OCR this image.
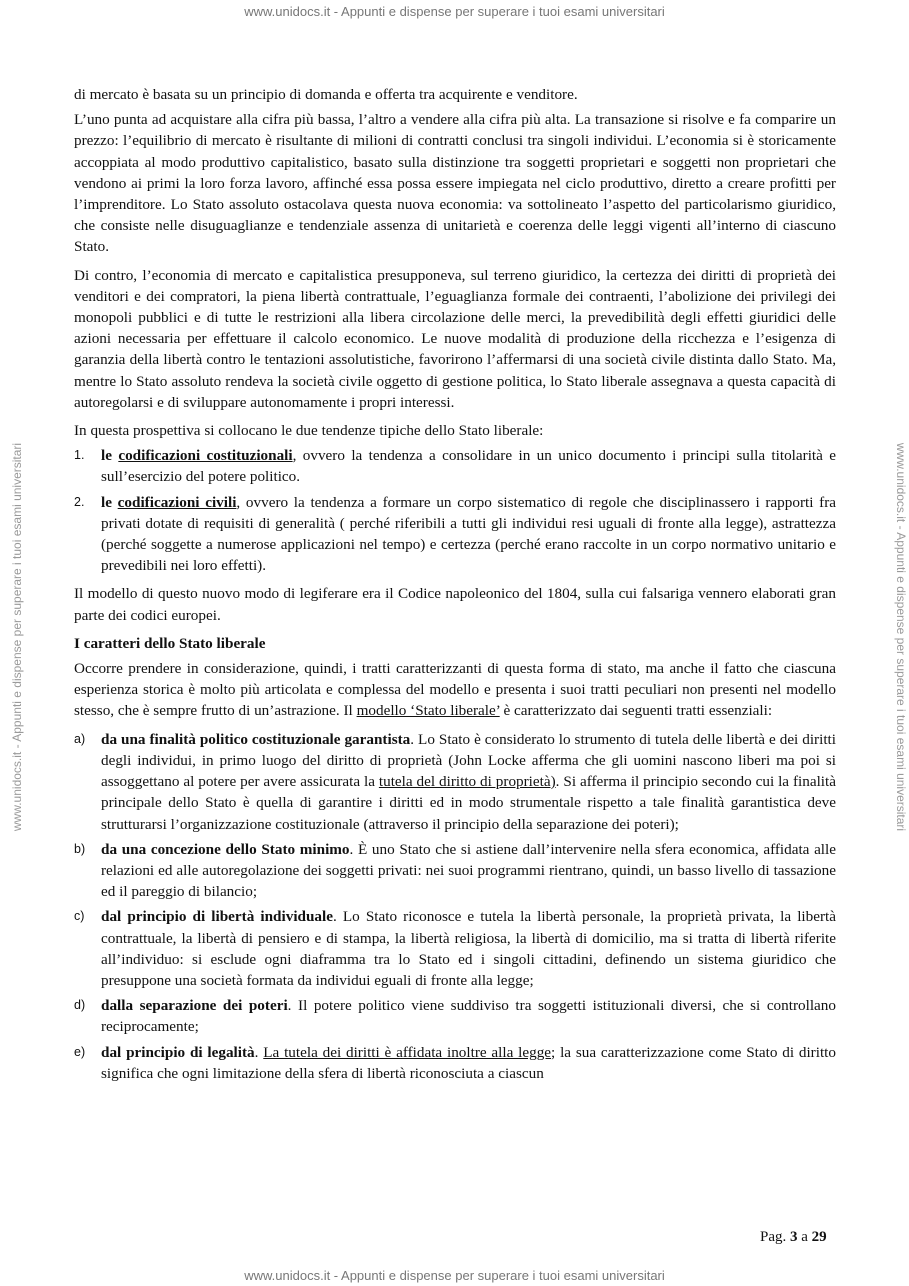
www.unidocs.it - Appunti e dispense per superare i tuoi esami universitari
www.unidocs.it - Appunti e dispense per superare i tuoi esami universitari	www.unidocs.it - Appunti e dispense per superare i tuoi esami universitari

di mercato è basata su un principio di domanda e offerta tra acquirente e venditore.

L’uno punta ad acquistare alla cifra più bassa, l’altro a vendere alla cifra più alta. La transazione si risolve e fa comparire un prezzo: l’equilibrio di mercato è risultante di milioni di contratti conclusi tra singoli individui. L’economia si è storicamente accoppiata al modo produttivo capitalistico, basato sulla distinzione tra soggetti proprietari e soggetti non proprietari che vendono ai primi la loro forza lavoro, affinché essa possa essere impiegata nel ciclo produttivo, diretto a creare profitti per l’imprenditore. Lo Stato assoluto ostacolava questa nuova economia: va sottolineato l’aspetto del particolarismo giuridico, che consiste nelle disuguaglianze e tendenziale assenza di unitarietà e coerenza delle leggi vigenti all’interno di ciascuno Stato.

Di contro, l’economia di mercato e capitalistica presupponeva, sul terreno giuridico, la certezza dei diritti di proprietà dei venditori e dei compratori, la piena libertà contrattuale, l’eguaglianza formale dei contraenti, l’abolizione dei privilegi dei monopoli pubblici e di tutte le restrizioni alla libera circolazione delle merci, la prevedibilità degli effetti giuridici delle azioni necessaria per effettuare il calcolo economico. Le nuove modalità di produzione della ricchezza e l’esigenza di garanzia della libertà contro le tentazioni assolutistiche, favorirono l’affermarsi di una società civile distinta dallo Stato. Ma, mentre lo Stato assoluto rendeva la società civile oggetto di gestione politica, lo Stato liberale assegnava a questa capacità di autoregolarsi e di sviluppare autonomamente i propri interessi.

In questa prospettiva si collocano le due tendenze tipiche dello Stato liberale:

1. le codificazioni costituzionali, ovvero la tendenza a consolidare in un unico documento i principi sulla titolarità e sull’esercizio del potere politico.
2. le codificazioni civili, ovvero la tendenza a formare un corpo sistematico di regole che disciplinassero i rapporti fra privati dotate di requisiti di generalità ( perché riferibili a tutti gli individui resi uguali di fronte alla legge), astrattezza (perché soggette a numerose applicazioni nel tempo) e certezza (perché erano raccolte in un corpo normativo unitario e prevedibili nei loro effetti).

Il modello di questo nuovo modo di legiferare era il Codice napoleonico del 1804, sulla cui falsariga vennero elaborati gran parte dei codici europei.

I caratteri dello Stato liberale

Occorre prendere in considerazione, quindi, i tratti caratterizzanti di questa forma di stato, ma anche il fatto che ciascuna esperienza storica è molto più articolata e complessa del modello e presenta i suoi tratti peculiari non presenti nel modello stesso, che è sempre frutto di un’astrazione. Il modello ‘Stato liberale’ è caratterizzato dai seguenti tratti essenziali:

a) da una finalità politico costituzionale garantista. Lo Stato è considerato lo strumento di tutela delle libertà e dei diritti degli individui, in primo luogo del diritto di proprietà (John Locke afferma che gli uomini nascono liberi ma poi si assoggettano al potere per avere assicurata la tutela del diritto di proprietà). Si afferma il principio secondo cui la finalità principale dello Stato è quella di garantire i diritti ed in modo strumentale rispetto a tale finalità garantistica deve strutturarsi l’organizzazione costituzionale (attraverso il principio della separazione dei poteri);
b) da una concezione dello Stato minimo. È uno Stato che si astiene dall’intervenire nella sfera economica, affidata alle relazioni ed alle autoregolazione dei soggetti privati: nei suoi programmi rientrano, quindi, un basso livello di tassazione ed il pareggio di bilancio;
c) dal principio di libertà individuale. Lo Stato riconosce e tutela la libertà personale, la proprietà privata, la libertà contrattuale, la libertà di pensiero e di stampa, la libertà religiosa, la libertà di domicilio, ma si tratta di libertà riferite all’individuo: si esclude ogni diaframma tra lo Stato ed i singoli cittadini, definendo un sistema giuridico che presuppone una società formata da individui eguali di fronte alla legge;
d) dalla separazione dei poteri. Il potere politico viene suddiviso tra soggetti istituzionali diversi, che si controllano reciprocamente;
e) dal principio di legalità. La tutela dei diritti è affidata inoltre alla legge; la sua caratterizzazione come Stato di diritto significa che ogni limitazione della sfera di libertà riconosciuta a ciascun
Pag. 3 a 29
www.unidocs.it - Appunti e dispense per superare i tuoi esami universitari
